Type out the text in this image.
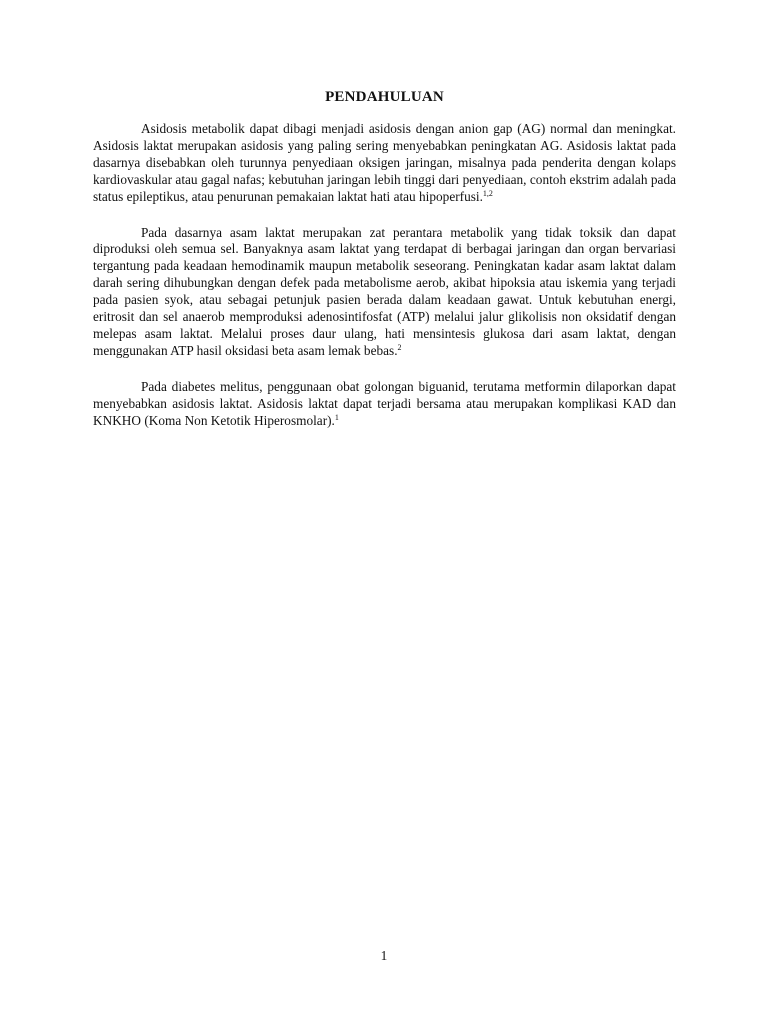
PENDAHULUAN

Asidosis metabolik dapat dibagi menjadi asidosis dengan anion gap (AG) normal dan meningkat. Asidosis laktat merupakan asidosis yang paling sering menyebabkan peningkatan AG. Asidosis laktat pada dasarnya disebabkan oleh turunnya penyediaan oksigen jaringan, misalnya pada penderita dengan kolaps kardiovaskular atau gagal nafas; kebutuhan jaringan lebih tinggi dari penyediaan, contoh ekstrim adalah pada status epileptikus, atau penurunan pemakaian laktat hati atau hipoperfusi.$^{1,2}$

Pada dasarnya asam laktat merupakan zat perantara metabolik yang tidak toksik dan dapat diproduksi oleh semua sel. Banyaknya asam laktat yang terdapat di berbagai jaringan dan organ bervariasi tergantung pada keadaan hemodinamik maupun metabolik seseorang. Peningkatan kadar asam laktat dalam darah sering dihubungkan dengan defek pada metabolisme aerob, akibat hipoksia atau iskemia yang terjadi pada pasien syok, atau sebagai petunjuk pasien berada dalam keadaan gawat. Untuk kebutuhan energi, eritrosit dan sel anaerob memproduksi adenosintifosfat (ATP) melalui jalur glikolisis non oksidatif dengan melepas asam laktat. Melalui proses daur ulang, hati mensintesis glukosa dari asam laktat, dengan menggunakan ATP hasil oksidasi beta asam lemak bebas.$^2$

Pada diabetes melitus, penggunaan obat golongan biguanid, terutama metformin dilaporkan dapat menyebabkan asidosis laktat. Asidosis laktat dapat terjadi bersama atau merupakan komplikasi KAD dan KNKHO (Koma Non Ketotik Hiperosmolar).$^1$

1
